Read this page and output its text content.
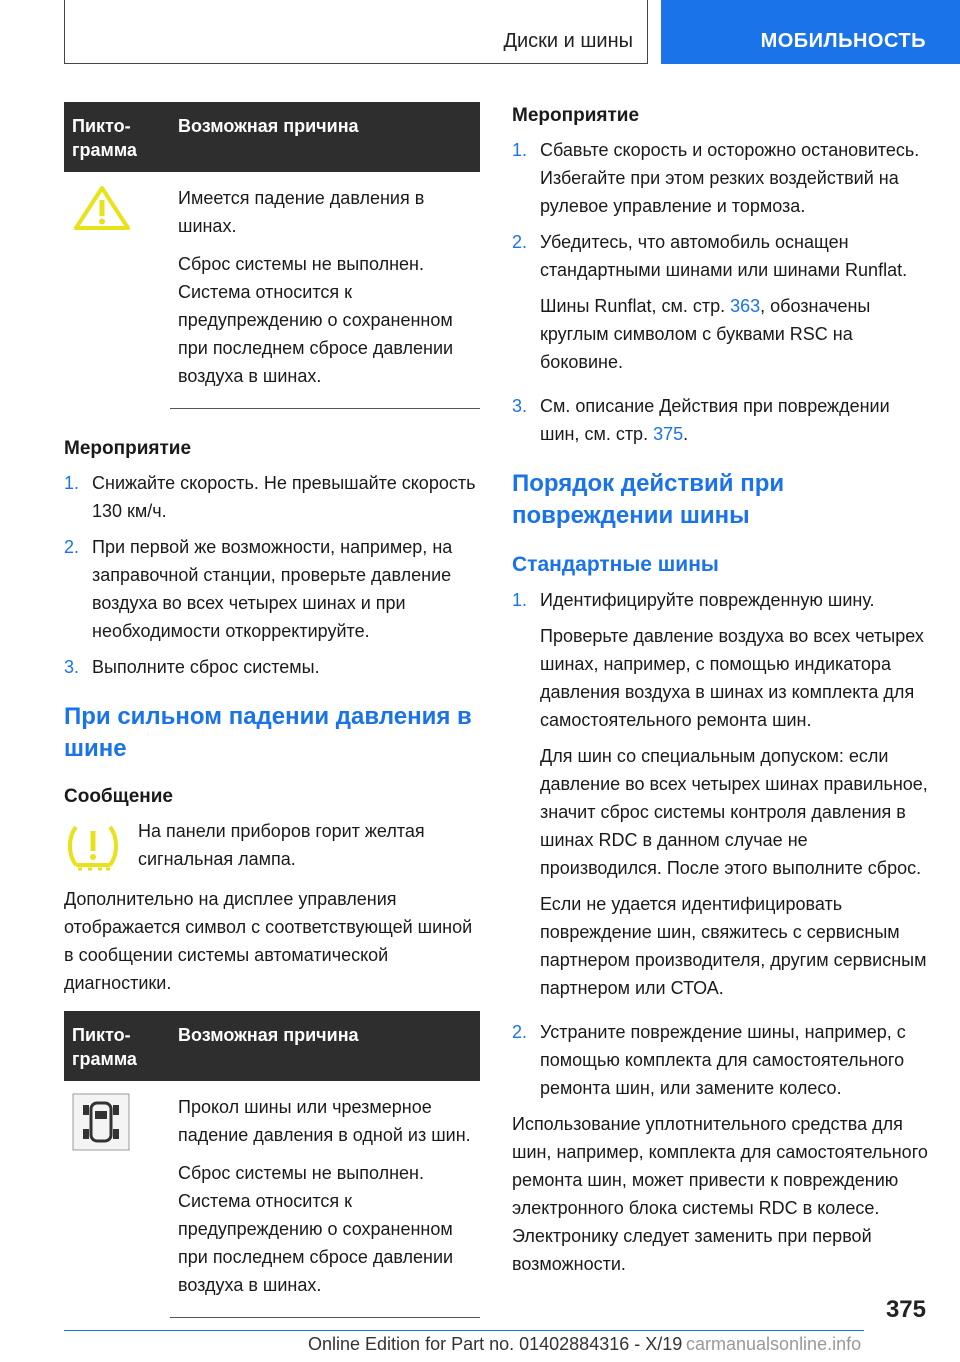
Диски и шины	МОБИЛЬНОСТЬ
Пикто-
грамма	Возможная причина

Имеется падение давления в шинах.

Сброс системы не выполнен. Система относится к предупреждению о сохраненном при последнем сбросе давлении воздуха в шинах.

Мероприятие
1. Снижайте скорость. Не превышайте скорость 130 км/ч.
2. При первой же возможности, например, на заправочной станции, проверьте давление воздуха во всех четырех шинах и при необходимости откорректируйте.
3. Выполните сброс системы.
При сильном падении давления в шине
Сообщение

На панели приборов горит желтая сигнальная лампа.

Дополнительно на дисплее управления отображается символ с соответствующей шиной в сообщении системы автоматической диагностики.

Пикто-
грамма	Возможная причина

Прокол шины или чрезмерное падение давления в одной из шин.

Сброс системы не выполнен. Система относится к предупреждению о сохраненном при последнем сбросе давлении воздуха в шинах.

Мероприятие
1. Сбавьте скорость и осторожно остановитесь. Избегайте при этом резких воздействий на рулевое управление и тормоза.
2. Убедитесь, что автомобиль оснащен стандартными шинами или шинами Runflat.

Шины Runflat, см. стр. 363, обозначены круглым символом с буквами RSC на боковине.

3. См. описание Действия при повреждении шин, см. стр. 375.
Порядок действий при повреждении шины
Стандартные шины
1. Идентифицируйте поврежденную шину.

Проверьте давление воздуха во всех четырех шинах, например, с помощью индикатора давления воздуха в шинах из комплекта для самостоятельного ремонта шин.

Для шин со специальным допуском: если давление во всех четырех шинах правильное, значит сброс системы контроля давления в шинах RDC в данном случае не производился. После этого выполните сброс.

Если не удается идентифицировать повреждение шин, свяжитесь с сервисным партнером производителя, другим сервисным партнером или СТОА.

2. Устраните повреждение шины, например, с помощью комплекта для самостоятельного ремонта шин, или замените колесо.

Использование уплотнительного средства для шин, например, комплекта для самостоятельного ремонта шин, может привести к повреждению электронного блока системы RDC в колесе. Электронику следует заменить при первой возможности.

375
Online Edition for Part no. 01402884316 - X/19 carmanualsonline.info
